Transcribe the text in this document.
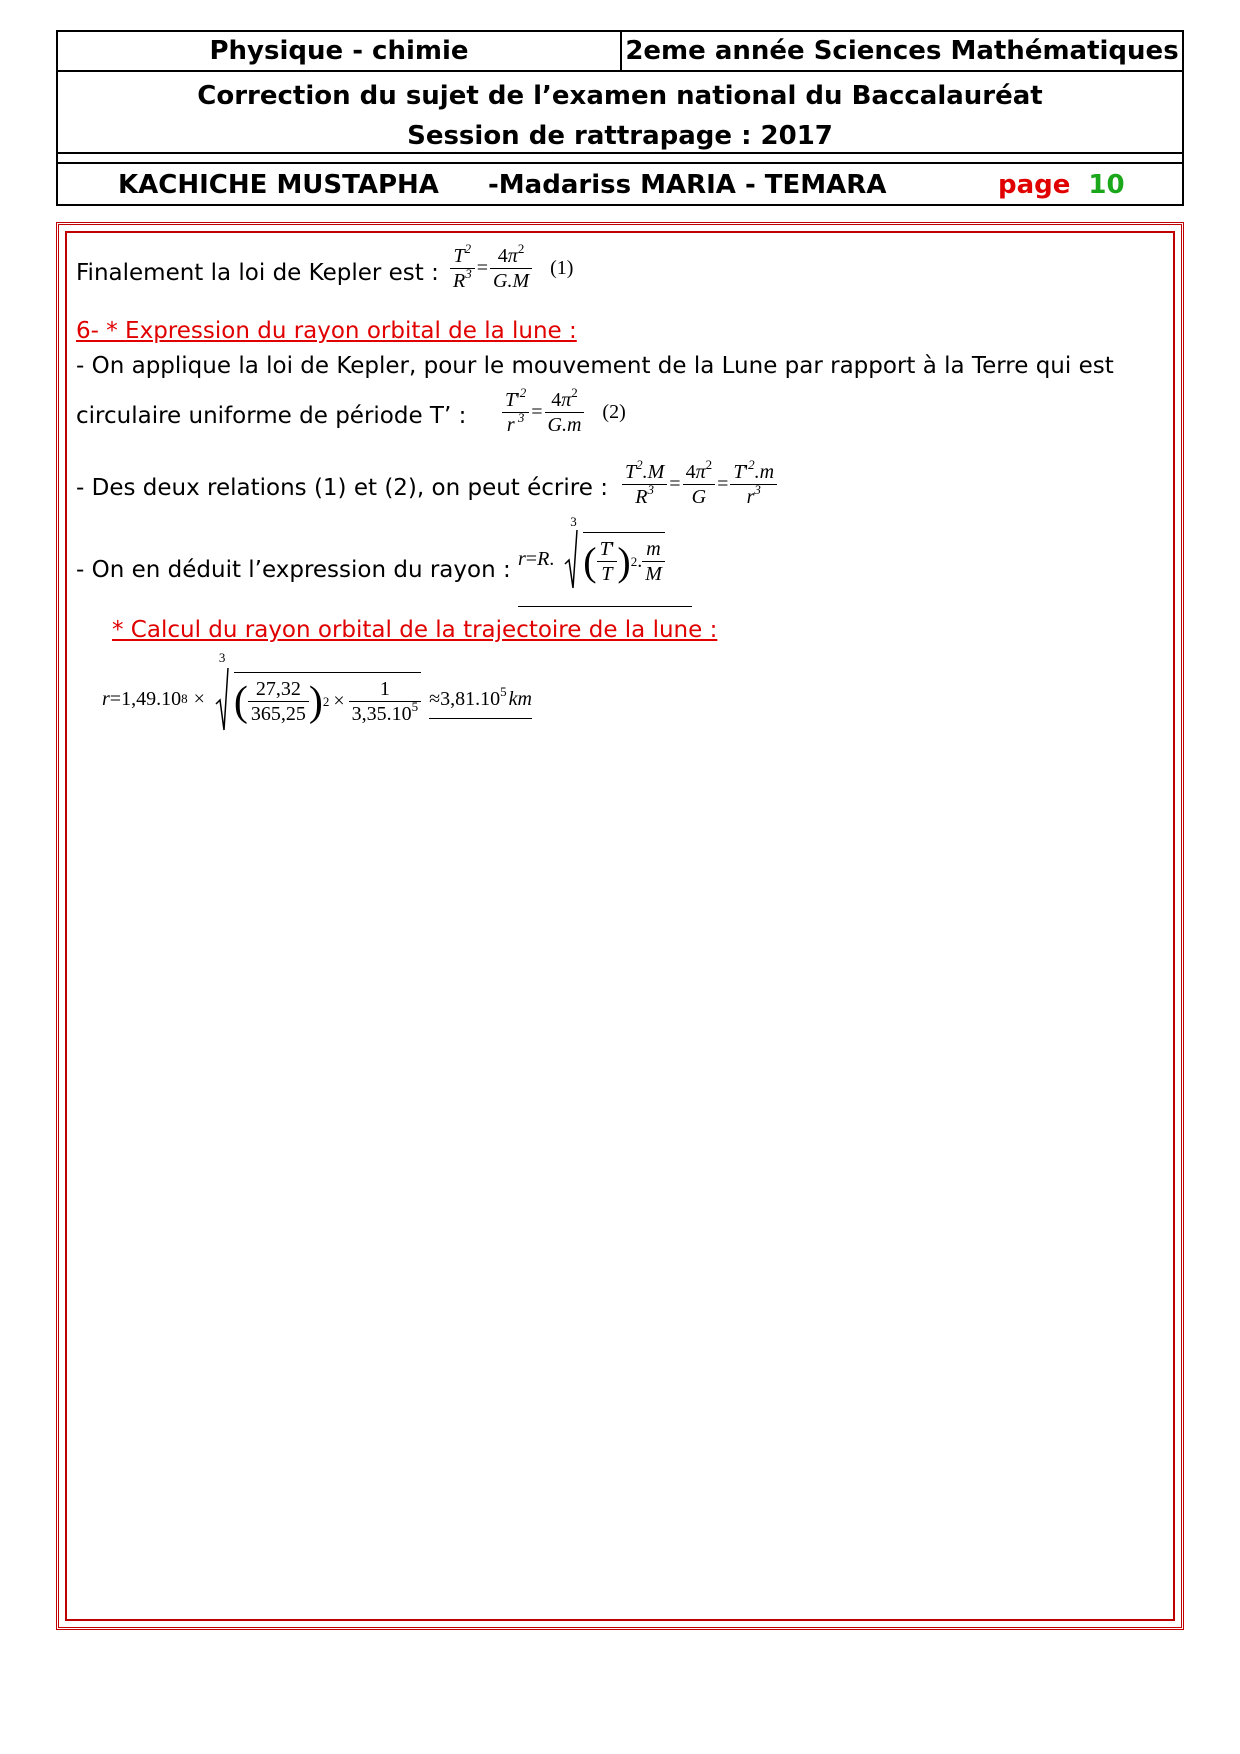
Physique - chimie	2eme année Sciences Mathématiques
Correction du sujet de l’examen national du Baccalauréat
Session de rattrapage : 2017
KACHICHE MUSTAPHA -Madariss MARIA - TEMARA	page 10
Finalement la loi de Kepler est : $\frac{T^2}{R^3} = \frac{4\pi^2}{G.M} (1)$
6- * Expression du rayon orbital de la lune :
- On applique la loi de Kepler, pour le mouvement de la Lune par rapport à la Terre qui est
circulaire uniforme de période T’ : $\frac{T'^2}{r ^3} = \frac{4\pi^2}{G.m} (2)$
- Des deux relations (1) et (2), on peut écrire : $\frac{T^2.M}{R^3} = \frac{4\pi^2}{G} = \frac{T'^2.m}{r^3}$
- On en déduit l’expression du rayon : r = R .
3

( $\frac{T'}{T}$ ) 2 . $\frac{m}{M}$
* Calcul du rayon orbital de la trajectoire de la lune :
r =1,49.10 8 ×
3

( $\frac{27,32}{365,25}$ ) $2 \times \frac{1}{3,35.10^5} \approx 3,81.10^5$ km
